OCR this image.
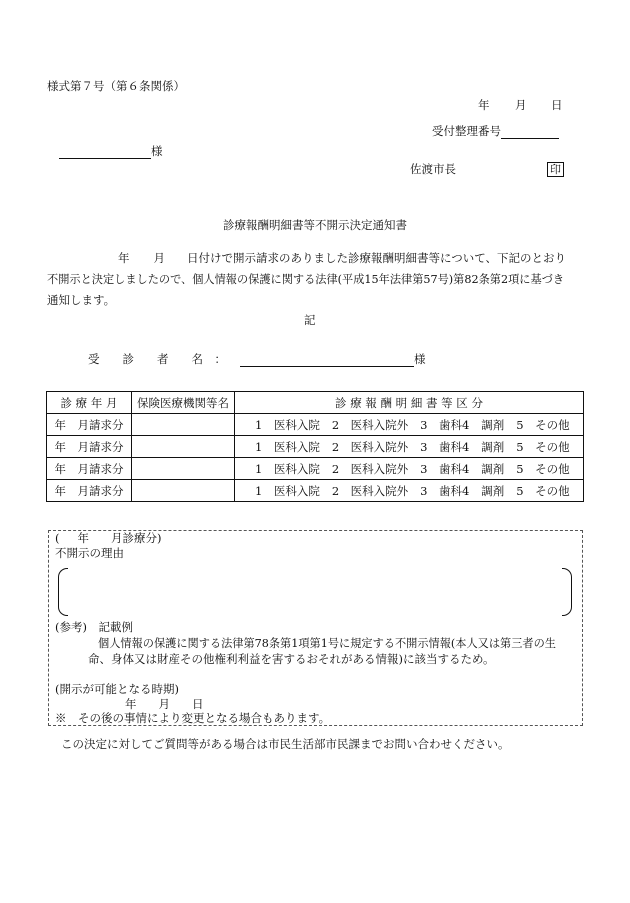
様式第７号（第６条関係）
年 月 日
受付整理番号
様
佐渡市長	印
診療報酬明細書等不開示決定通知書
年 月 日付けで開示請求のありました診療報酬明細書等について、下記のとおり
不開示と決定しましたので、個人情報の保護に関する法律(平成15年法律第57号)第82条第2項に基づき
通知します。
記
受　　診　　者　　名　：	様
診 療 年 月	保険医療機関等名	診 療 報 酬 明 細 書 等 区 分
年　月請求分		1　医科入院 2　医科入院外 3　歯科4 調剤 5　その他
年　月請求分		1　医科入院 2　医科入院外 3　歯科4 調剤 5　その他
年　月請求分		1　医科入院 2　医科入院外 3　歯科4 調剤 5　その他
年　月請求分		1　医科入院 2　医科入院外 3　歯科4 調剤 5　その他
( 年 月診療分)
不開示の理由
(参考)　記載例
個人情報の保護に関する法律第78条第1項第1号に規定する不開示情報(本人又は第三者の生
命、身体又は財産その他権利利益を害するおそれがある情報)に該当するため。
(開示が可能となる時期)
年 月 日
※　その後の事情により変更となる場合もあります。
この決定に対してご質問等がある場合は市民生活部市民課までお問い合わせください。
